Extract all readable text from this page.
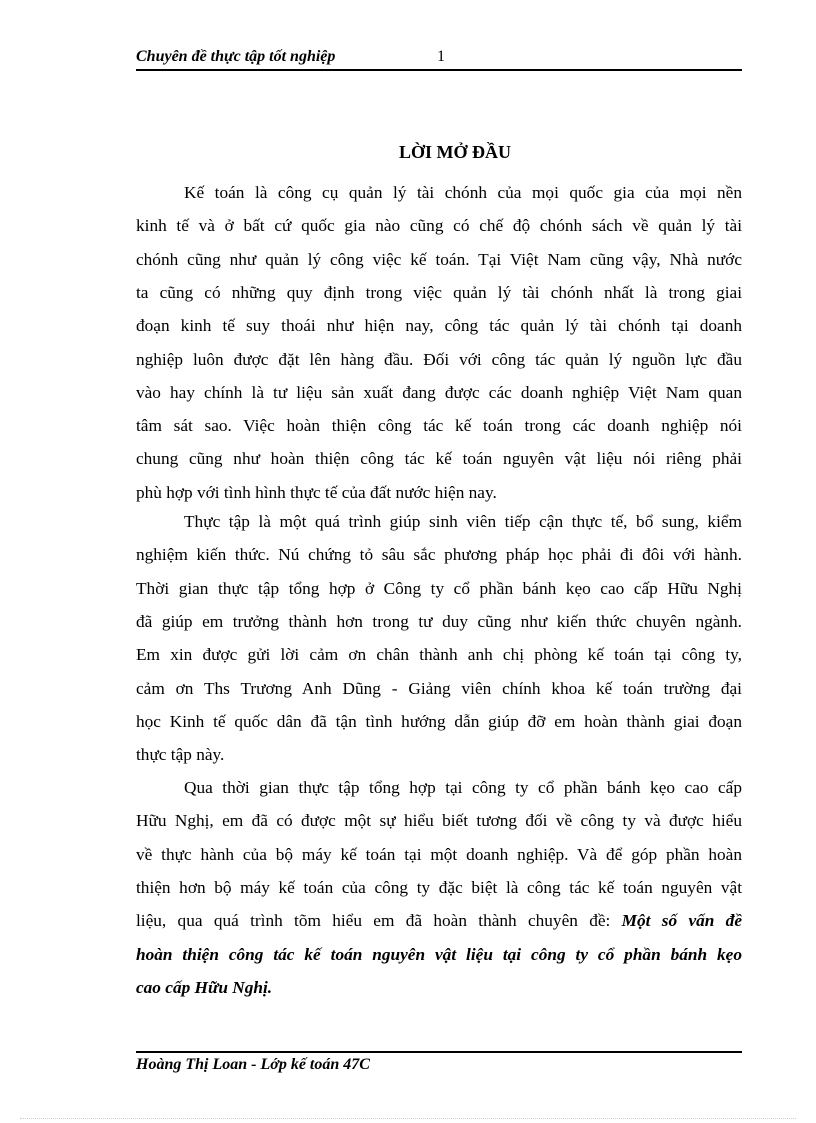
Chuyên đề thực tập tốt nghiệp	1
LỜI MỞ ĐẦU
Kế toán là công cụ quản lý tài chónh của mọi quốc gia của mọi nền
kinh tế và ở bất cứ quốc gia nào cũng có chế độ chónh sách về quản lý tài
chónh cũng như quản lý công việc kế toán. Tại Việt Nam cũng vậy, Nhà nước
ta cũng có những quy định trong việc quản lý tài chónh nhất là trong giai
đoạn kinh tế suy thoái như hiện nay, công tác quản lý tài chónh tại doanh
nghiệp luôn được đặt lên hàng đầu. Đối với công tác quản lý nguồn lực đầu
vào hay chính là tư liệu sản xuất đang được các doanh nghiệp Việt Nam quan
tâm sát sao. Việc hoàn thiện công tác kế toán trong các doanh nghiệp nói
chung cũng như hoàn thiện công tác kế toán nguyên vật liệu nói riêng phải
phù hợp với tình hình thực tế của đất nước hiện nay.
Thực tập là một quá trình giúp sinh viên tiếp cận thực tế, bổ sung, kiểm
nghiệm kiến thức. Nú chứng tỏ sâu sắc phương pháp học phải đi đôi với hành.
Thời gian thực tập tổng hợp ở Công ty cổ phần bánh kẹo cao cấp Hữu Nghị
đã giúp em trưởng thành hơn trong tư duy cũng như kiến thức chuyên ngành.
Em xin được gửi lời cảm ơn chân thành anh chị phòng kế toán tại công ty,
cảm ơn Ths Trương Anh Dũng - Giảng viên chính khoa kế toán trường đại
học Kinh tế quốc dân đã tận tình hướng dẫn giúp đỡ em hoàn thành giai đoạn
thực tập này.
Qua thời gian thực tập tổng hợp tại công ty cổ phần bánh kẹo cao cấp
Hữu Nghị, em đã có được một sự hiểu biết tương đối về công ty và được hiểu
về thực hành của bộ máy kế toán tại một doanh nghiệp. Và để góp phần hoàn
thiện hơn bộ máy kế toán của công ty đặc biệt là công tác kế toán nguyên vật
liệu, qua quá trình tõm hiểu em đã hoàn thành chuyên đề: Một số vấn đề
hoàn thiện công tác kế toán nguyên vật liệu tại công ty cổ phần bánh kẹo
cao cấp Hữu Nghị.
Hoàng Thị Loan - Lớp kế toán 47C
